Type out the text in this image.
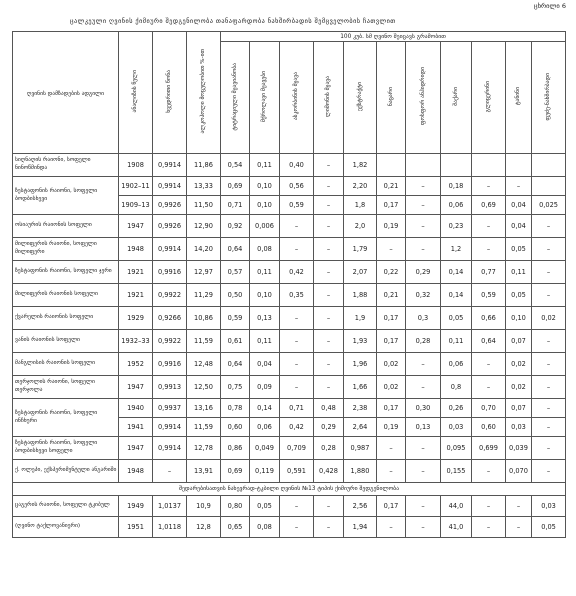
ცხრილი 6
ცალკეული ღვინის ქიმიური შედგენილობა თანაფარდობა ნახშირბადის შემცველობის ჩათვლით
ღვინის დამზადების ადგილი	ანალიზის წელი	ხვედრითი წონა	ალკოჰოლი მოცულობით %-ით	100 კუბ. სმ ღვინო შეიცავს გრამობით										
				ტიტრაციული მჟავიანობა	მქროლავი მჟავები	ასკორბინის მჟავა	ლიმონის მჟავა	ექსტრაქტი	ნაცარი	ფოსფორ ანჰიდრიდი	შაქარი	გლიცერინი	ტანინი	ფუძე-ნახშირბადი
სიღნაღის რაიონი, სოფელი ნინოწმინდა	1908	0,9914	11,86	0,54	0,11	0,40	–	1,82						
ზესტაფონის რაიონი, სოფელი ბოდბისხევი	1902–11	0,9914	13,33	0,69	0,10	0,56	–	2,20	0,21	–	0,18	–	–	
	1909–13	0,9926	11,50	0,71	0,10	0,59	–	1,8	0,17	–	0,06	0,69	0,04	0,025
ოსიაურის რაიონის სოფელი	1947	0,9926	12,90	0,92	0,006	–	–	2,0	0,19	–	0,23	–	0,04	–
მილიფერის რაიონი, სოფელი მილიფერი	1948	0,9914	14,20	0,64	0,08	–	–	1,79	–	–	1,2	–	0,05	–
ზესტაფონის რაიონი, სოფელი ჯერი	1921	0,9916	12,97	0,57	0,11	0,42	–	2,07	0,22	0,29	0,14	0,77	0,11	–
მილიფერის რაიონის სოფელი	1921	0,9922	11,29	0,50	0,10	0,35	–	1,88	0,21	0,32	0,14	0,59	0,05	–
ქვარელის რაიონის სოფელი	1929	0,9266	10,86	0,59	0,13	–	–	1,9	0,17	0,3	0,05	0,66	0,10	0,02
ვანის რაიონის სოფელი	1932–33	0,9922	11,59	0,61	0,11	–	–	1,93	0,17	0,28	0,11	0,64	0,07	–
მანგლისის რაიონის სოფელი	1952	0,9916	12,48	0,64	0,04	–	–	1,96	0,02	–	0,06	–	0,02	–
თერჯოლის რაიონი, სოფელი თერჯოლა	1947	0,9913	12,50	0,75	0,09	–	–	1,66	0,02	–	0,8	–	0,02	–
ზესტაფონის რაიონი, სოფელი ინჩხური	1940	0,9937	13,16	0,78	0,14	0,71	0,48	2,38	0,17	0,30	0,26	0,70	0,07	–
	1941	0,9914	11,59	0,60	0,06	0,42	0,29	2,64	0,19	0,13	0,03	0,60	0,03	–
ზესტაფონის რაიონი, სოფელი ბოდბისხევი სოფელი	1947	0,9914	12,78	0,86	0,049	0,709	0,28	0,987	–	–	0,095	0,699	0,039	–
ქ. ოლეპი, ექსპერიმენტული ანგარიში	1948	–	13,91	0,69	0,119	0,591	0,428	1,880	–	–	0,155	–	0,070	–
შედარებისათვის ნახევრად-ტკბილი ღვინის №13 ტიპის ქიმიური შედგენილობა														
ცაგერის რაიონი, სოფელი ტკიბულ	1949	1,0137	10,9	0,80	0,05	–	–	2,56	0,17	–	44,0	–	–	0,03
(ღვინო ტაქლოვანიერი)	1951	1,0118	12,8	0,65	0,08	–	–	1,94	–	–	41,0	–	–	0,05
